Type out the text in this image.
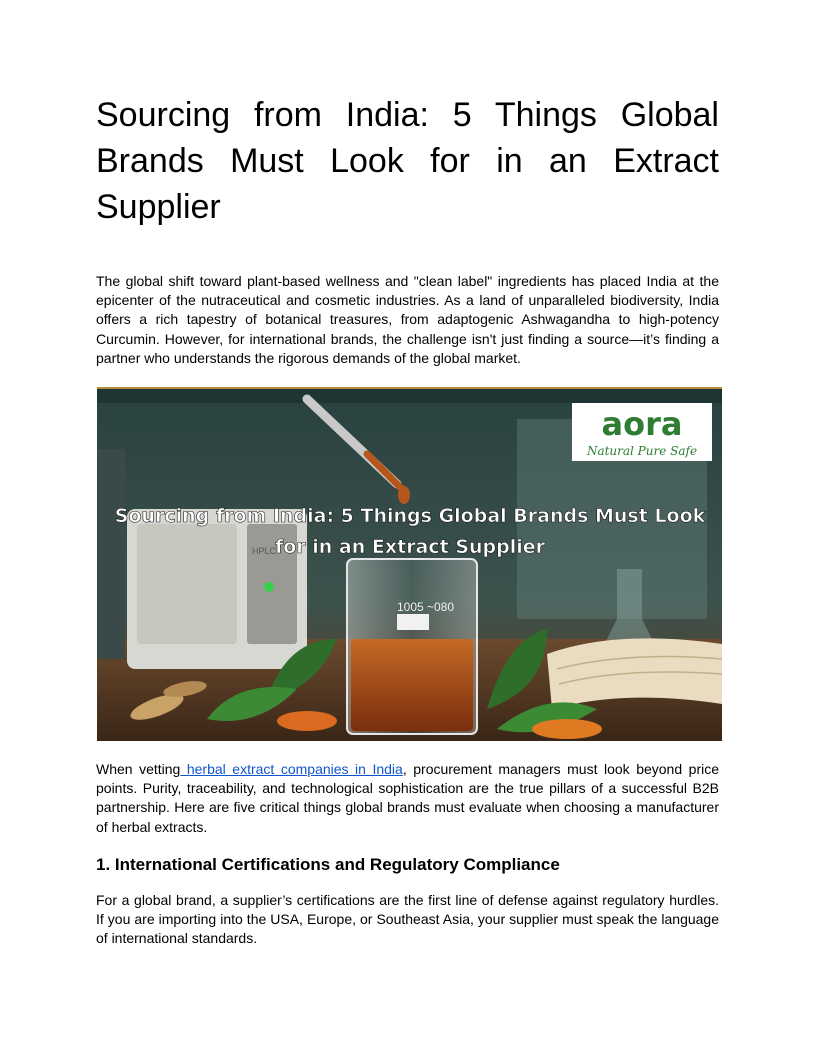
Sourcing from India: 5 Things Global Brands Must Look for in an Extract Supplier

The global shift toward plant-based wellness and "clean label" ingredients has placed India at the epicenter of the nutraceutical and cosmetic industries. As a land of unparalleled biodiversity, India offers a rich tapestry of botanical treasures, from adaptogenic Ashwagandha to high-potency Curcumin. However, for international brands, the challenge isn't just finding a source—it’s finding a partner who understands the rigorous demands of the global market.

HPLC
1005 ~080
Sourcing from India: 5 Things Global Brands Must Look
for in an Extract Supplier
aora
Natural Pure Safe

When vetting herbal extract companies in India, procurement managers must look beyond price points. Purity, traceability, and technological sophistication are the true pillars of a successful B2B partnership. Here are five critical things global brands must evaluate when choosing a manufacturer of herbal extracts.

1. International Certifications and Regulatory Compliance

For a global brand, a supplier’s certifications are the first line of defense against regulatory hurdles. If you are importing into the USA, Europe, or Southeast Asia, your supplier must speak the language of international standards.
